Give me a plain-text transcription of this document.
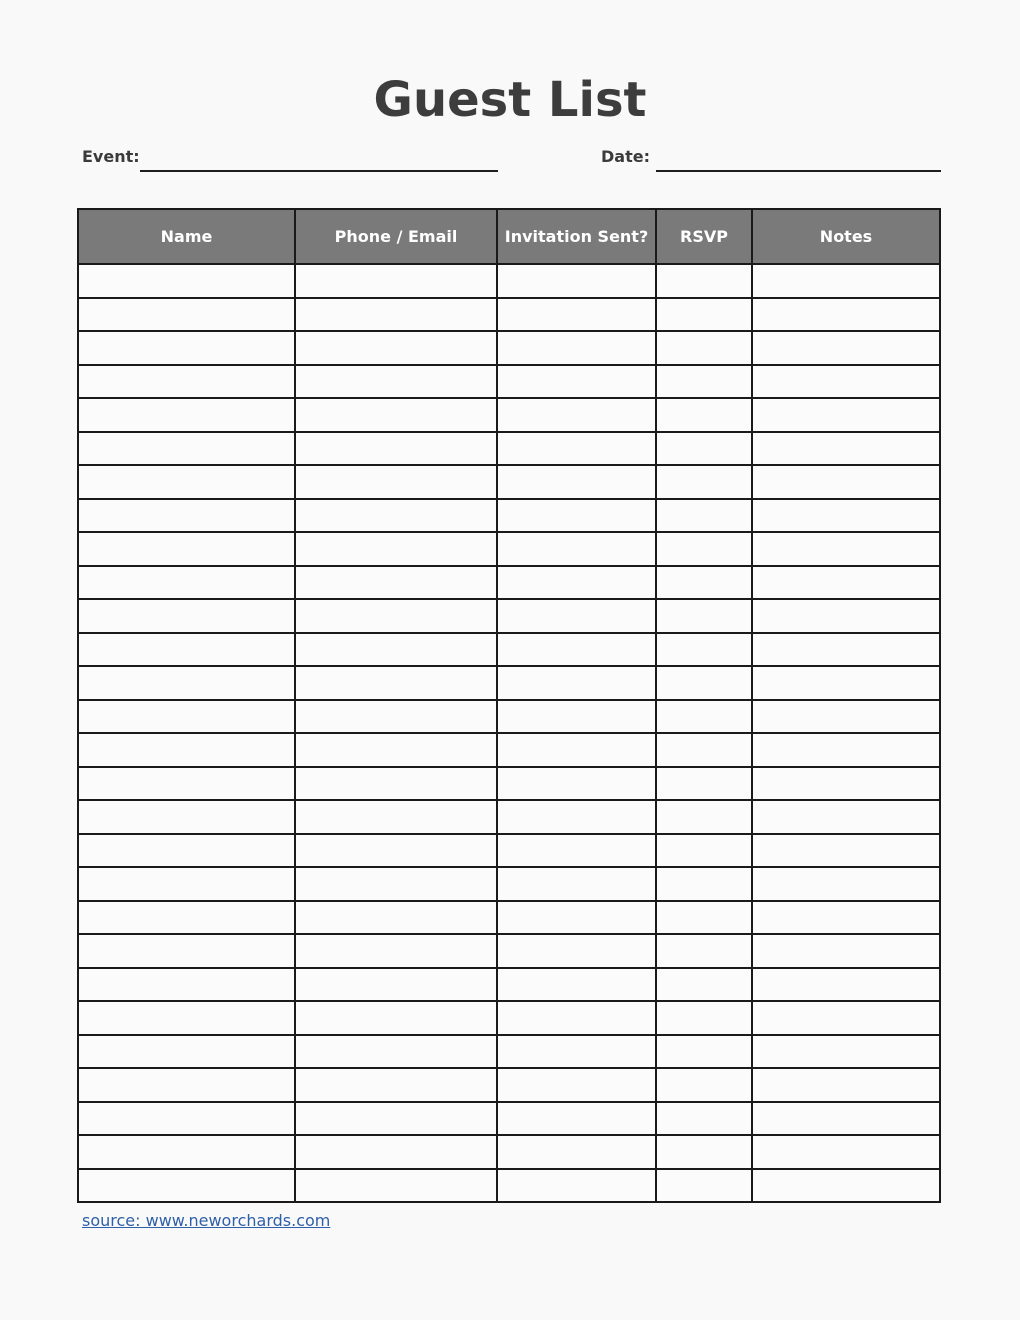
Guest List
Event:	Date:
Name	Phone / Email	Invitation Sent?	RSVP	Notes

source: www.neworchards.com
